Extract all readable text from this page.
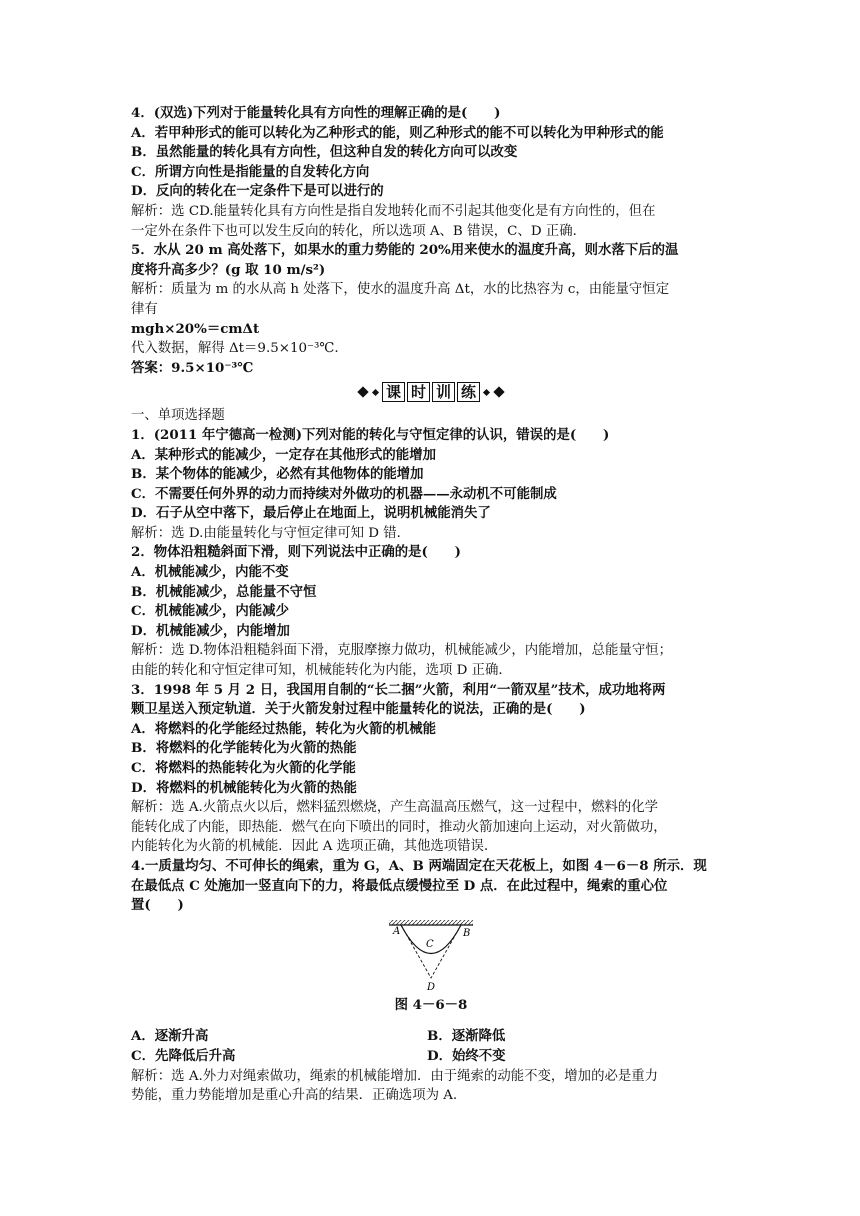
4．(双选)下列对于能量转化具有方向性的理解正确的是(　　)
A．若甲种形式的能可以转化为乙种形式的能，则乙种形式的能不可以转化为甲种形式的能
B．虽然能量的转化具有方向性，但这种自发的转化方向可以改变
C．所谓方向性是指能量的自发转化方向
D．反向的转化在一定条件下是可以进行的
解析：选 CD.能量转化具有方向性是指自发地转化而不引起其他变化是有方向性的，但在
一定外在条件下也可以发生反向的转化，所以选项 A、B 错误，C、D 正确．
5．水从 20 m 高处落下，如果水的重力势能的 20%用来使水的温度升高，则水落下后的温
度将升高多少？(g 取 10 m/s²)
解析：质量为 m 的水从高 h 处落下，使水的温度升高 Δt，水的比热容为 c，由能量守恒定
律有
mgh×20%＝cmΔt
代入数据，解得 Δt＝9.5×10⁻³℃.
答案：9.5×10⁻³℃
课 时 训 练
一、单项选择题
1．(2011 年宁德高一检测)下列对能的转化与守恒定律的认识，错误的是(　　)
A．某种形式的能减少，一定存在其他形式的能增加
B．某个物体的能减少，必然有其他物体的能增加
C．不需要任何外界的动力而持续对外做功的机器——永动机不可能制成
D．石子从空中落下，最后停止在地面上，说明机械能消失了
解析：选 D.由能量转化与守恒定律可知 D 错．
2．物体沿粗糙斜面下滑，则下列说法中正确的是(　　)
A．机械能减少，内能不变
B．机械能减少，总能量不守恒
C．机械能减少，内能减少
D．机械能减少，内能增加
解析：选 D.物体沿粗糙斜面下滑，克服摩擦力做功，机械能减少，内能增加，总能量守恒；
由能的转化和守恒定律可知，机械能转化为内能，选项 D 正确．
3．1998 年 5 月 2 日，我国用自制的“长二捆”火箭，利用“一箭双星”技术，成功地将两
颗卫星送入预定轨道．关于火箭发射过程中能量转化的说法，正确的是(　　)
A．将燃料的化学能经过热能，转化为火箭的机械能
B．将燃料的化学能转化为火箭的热能
C．将燃料的热能转化为火箭的化学能
D．将燃料的机械能转化为火箭的热能
解析：选 A.火箭点火以后，燃料猛烈燃烧，产生高温高压燃气，这一过程中，燃料的化学
能转化成了内能，即热能．燃气在向下喷出的同时，推动火箭加速向上运动，对火箭做功，
内能转化为火箭的机械能．因此 A 选项正确，其他选项错误．
4.一质量均匀、不可伸长的绳索，重为 G，A、B 两端固定在天花板上，如图 4－6－8 所示．现
在最低点 C 处施加一竖直向下的力，将最低点缓慢拉至 D 点．在此过程中，绳索的重心位
置(　　)
A	B
C
D
图 4－6－8
A．逐渐升高	B．逐渐降低
C．先降低后升高	D．始终不变
解析：选 A.外力对绳索做功，绳索的机械能增加．由于绳索的动能不变，增加的必是重力
势能，重力势能增加是重心升高的结果．正确选项为 A.
